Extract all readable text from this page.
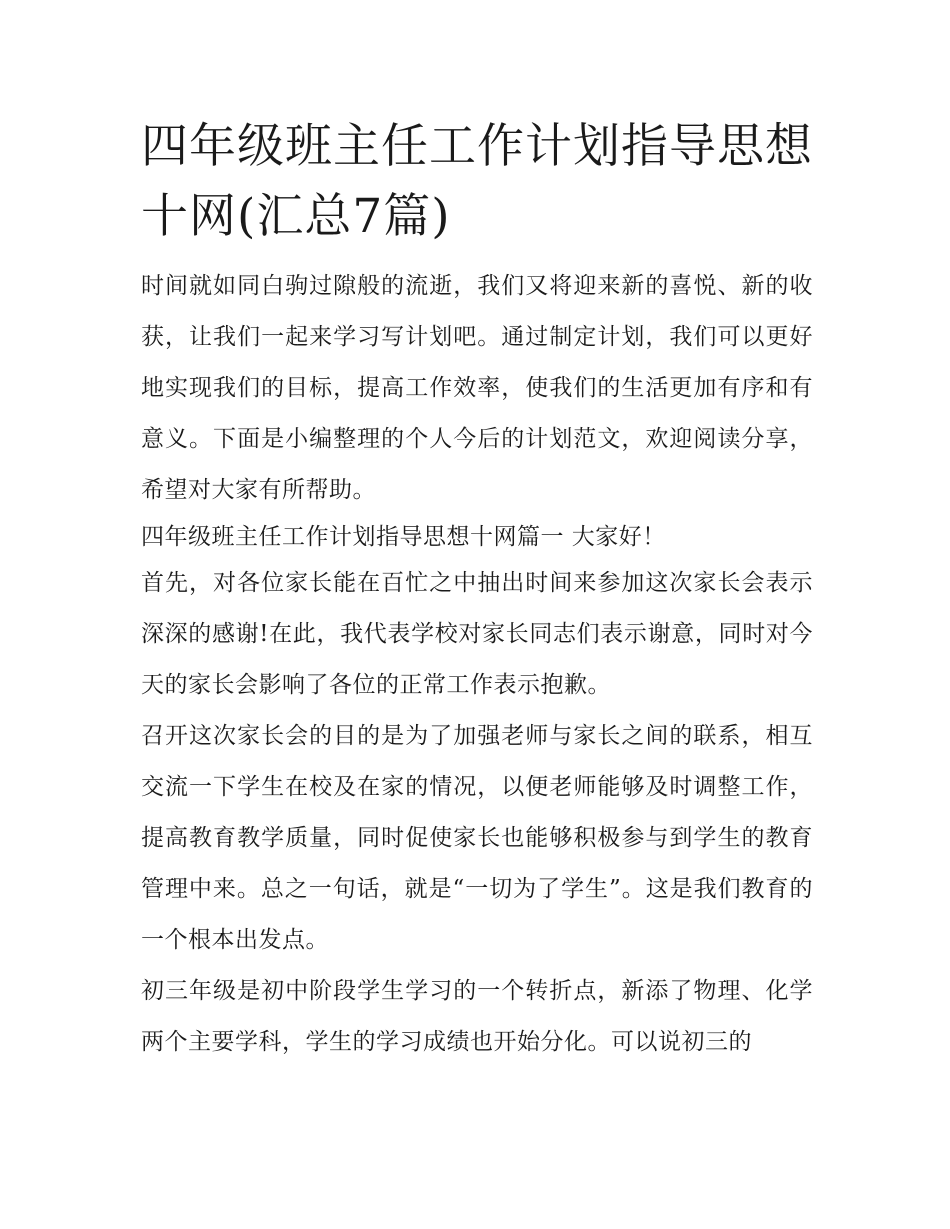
四年级班主任工作计划指导思想十网(汇总7篇)

时间就如同白驹过隙般的流逝，我们又将迎来新的喜悦、新的收获，让我们一起来学习写计划吧。通过制定计划，我们可以更好地实现我们的目标，提高工作效率，使我们的生活更加有序和有意义。下面是小编整理的个人今后的计划范文，欢迎阅读分享，希望对大家有所帮助。

四年级班主任工作计划指导思想十网篇一 大家好！

首先，对各位家长能在百忙之中抽出时间来参加这次家长会表示深深的感谢!在此，我代表学校对家长同志们表示谢意，同时对今天的家长会影响了各位的正常工作表示抱歉。

召开这次家长会的目的是为了加强老师与家长之间的联系，相互交流一下学生在校及在家的情况，以便老师能够及时调整工作，提高教育教学质量，同时促使家长也能够积极参与到学生的教育管理中来。总之一句话，就是“一切为了学生”。这是我们教育的一个根本出发点。

初三年级是初中阶段学生学习的一个转折点，新添了物理、化学两个主要学科，学生的学习成绩也开始分化。可以说初三的
